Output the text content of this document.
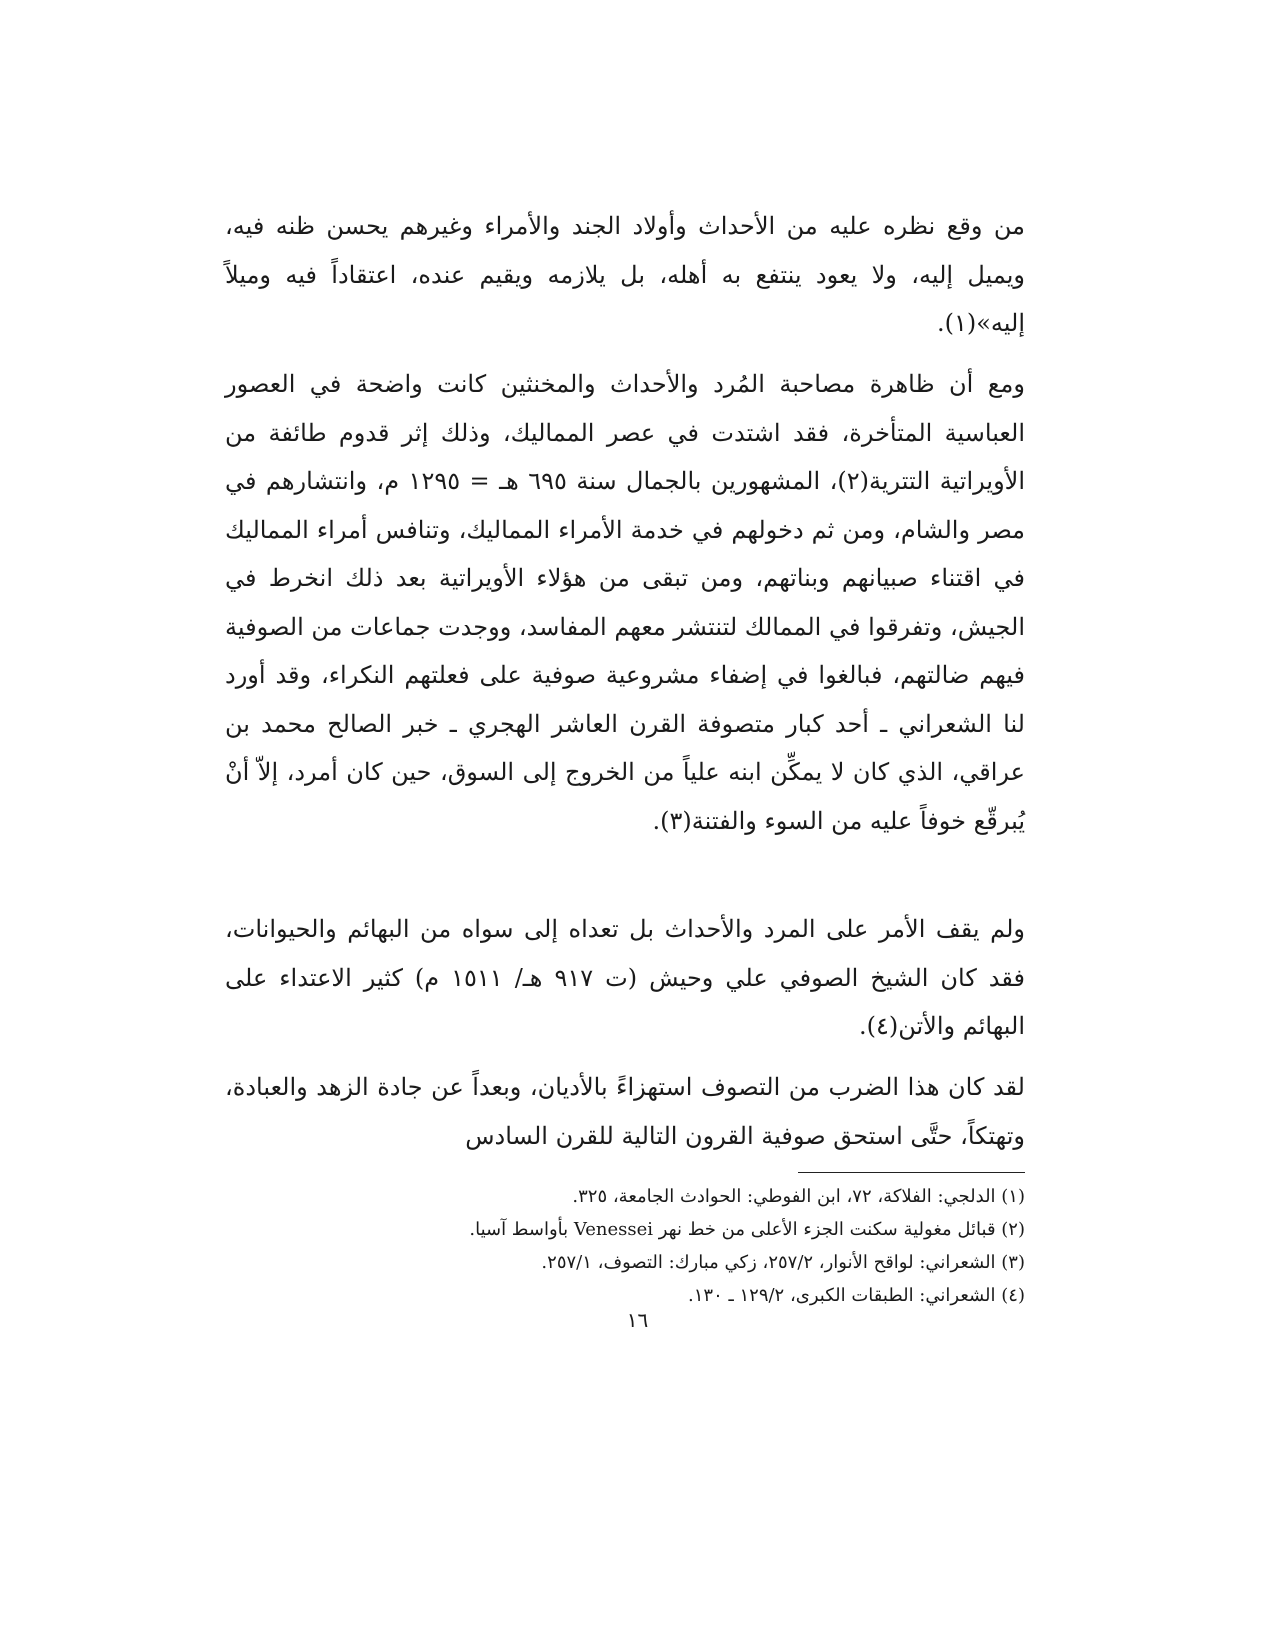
من وقع نظره عليه من الأحداث وأولاد الجند والأمراء وغيرهم يحسن ظنه فيه، ويميل إليه، ولا يعود ينتفع به أهله، بل يلازمه ويقيم عنده، اعتقاداً فيه وميلاً إليه»(١).

ومع أن ظاهرة مصاحبة المُرد والأحداث والمخنثين كانت واضحة في العصور العباسية المتأخرة، فقد اشتدت في عصر المماليك، وذلك إثر قدوم طائفة من الأويراتية التترية(٢)، المشهورين بالجمال سنة ٦٩٥ هـ = ١٢٩٥ م، وانتشارهم في مصر والشام، ومن ثم دخولهم في خدمة الأمراء المماليك، وتنافس أمراء المماليك في اقتناء صبيانهم وبناتهم، ومن تبقى من هؤلاء الأويراتية بعد ذلك انخرط في الجيش، وتفرقوا في الممالك لتنتشر معهم المفاسد، ووجدت جماعات من الصوفية فيهم ضالتهم، فبالغوا في إضفاء مشروعية صوفية على فعلتهم النكراء، وقد أورد لنا الشعراني ـ أحد كبار متصوفة القرن العاشر الهجري ـ خبر الصالح محمد بن عراقي، الذي كان لا يمكِّن ابنه علياً من الخروج إلى السوق، حين كان أمرد، إلاّ أنْ يُبرقّع خوفاً عليه من السوء والفتنة(٣).

ولم يقف الأمر على المرد والأحداث بل تعداه إلى سواه من البهائم والحيوانات، فقد كان الشيخ الصوفي علي وحيش (ت ٩١٧ هـ/ ١٥١١ م) كثير الاعتداء على البهائم والأتن(٤).

لقد كان هذا الضرب من التصوف استهزاءً بالأديان، وبعداً عن جادة الزهد والعبادة، وتهتكاً، حتَّى استحق صوفية القرون التالية للقرن السادس

(١) الدلجي: الفلاكة، ٧٢، ابن الفوطي: الحوادث الجامعة، ٣٢٥.
(٢) قبائل مغولية سكنت الجزء الأعلى من خط نهر Venessei بأواسط آسيا.
(٣) الشعراني: لواقح الأنوار، ٢٥٧/٢، زكي مبارك: التصوف، ٢٥٧/١.
(٤) الشعراني: الطبقات الكبرى، ١٢٩/٢ ـ ١٣٠.
١٦
